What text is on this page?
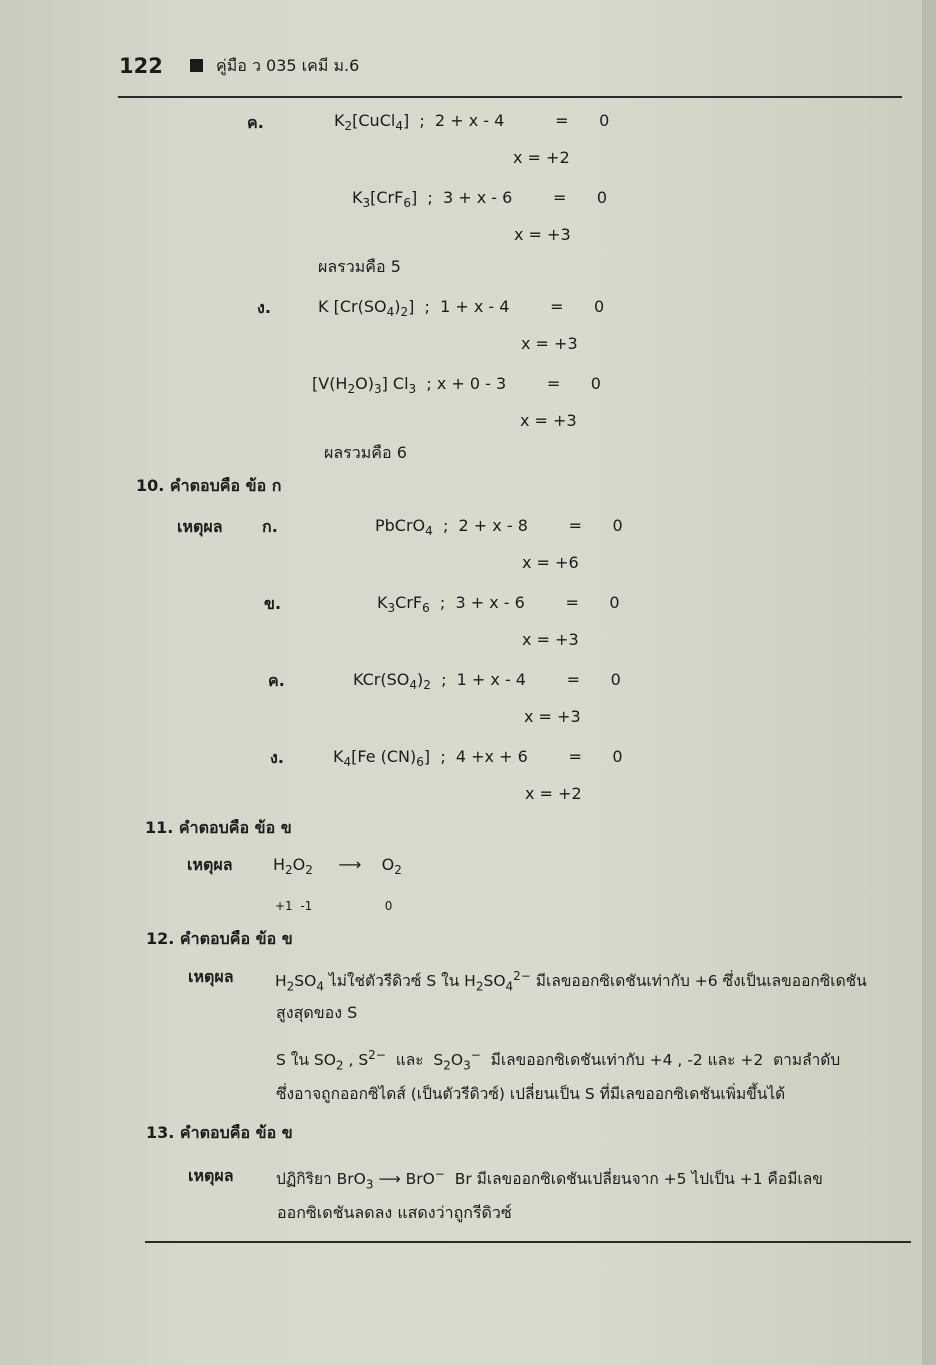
122	คู่มือ ว 035 เคมี ม.6
ค.	$K_2[CuCl_4]$  ;  2 + x - 4          =      0
x = +2
$K_3[CrF_6]$  ;  3 + x - 6        =      0
x = +3
ผลรวมคือ 5
ง.	K $[Cr(SO_4)_2]$  ;  1 + x - 4        =      0
x = +3
$[V(H_2O)_3]$ $Cl_3$  ; x + 0 - 3        =      0
x = +3
ผลรวมคือ 6
10. คำตอบคือ ข้อ ก
เหตุผล ก.	PbCrO$_4$  ;  2 + x - 8        =      0
x = +6
ข.	$K_3CrF_6$  ;  3 + x - 6        =      0
x = +3
ค.	$KCr(SO_4)_2$  ;  1 + x - 4        =      0
x = +3
ง.	$K_4[Fe$ $(CN)_6$]  ;  4 +x + 6        =      0
x = +2
11. คำตอบคือ ข้อ ข
เหตุผล	$H_2O_2$     ⟶    $O_2$
+1  -1                   0
12. คำตอบคือ ข้อ ข
เหตุผล	$H_2SO_4$ ไม่ใช่ตัวรีดิวซ์ S ใน $H_2SO_4^{2-}$ มีเลขออกซิเดชันเท่ากับ +6 ซึ่งเป็นเลขออกซิเดชัน
สูงสุดของ S
S ใน $SO_2$ , $S^{2-}$  และ  $S_2O_3^-$  มีเลขออกซิเดชันเท่ากับ +4 , -2 และ +2  ตามลำดับ
ซึ่งอาจถูกออกซิไดส์ (เป็นตัวรีดิวซ์) เปลี่ยนเป็น S ที่มีเลขออกซิเดชันเพิ่มขึ้นได้
13. คำตอบคือ ข้อ ข
เหตุผล	ปฏิกิริยา BrO$_3$ ⟶ BrO−  Br มีเลขออกซิเดชันเปลี่ยนจาก +5 ไปเป็น +1 คือมีเลข
ออกซิเดชันลดลง แสดงว่าถูกรีดิวซ์
